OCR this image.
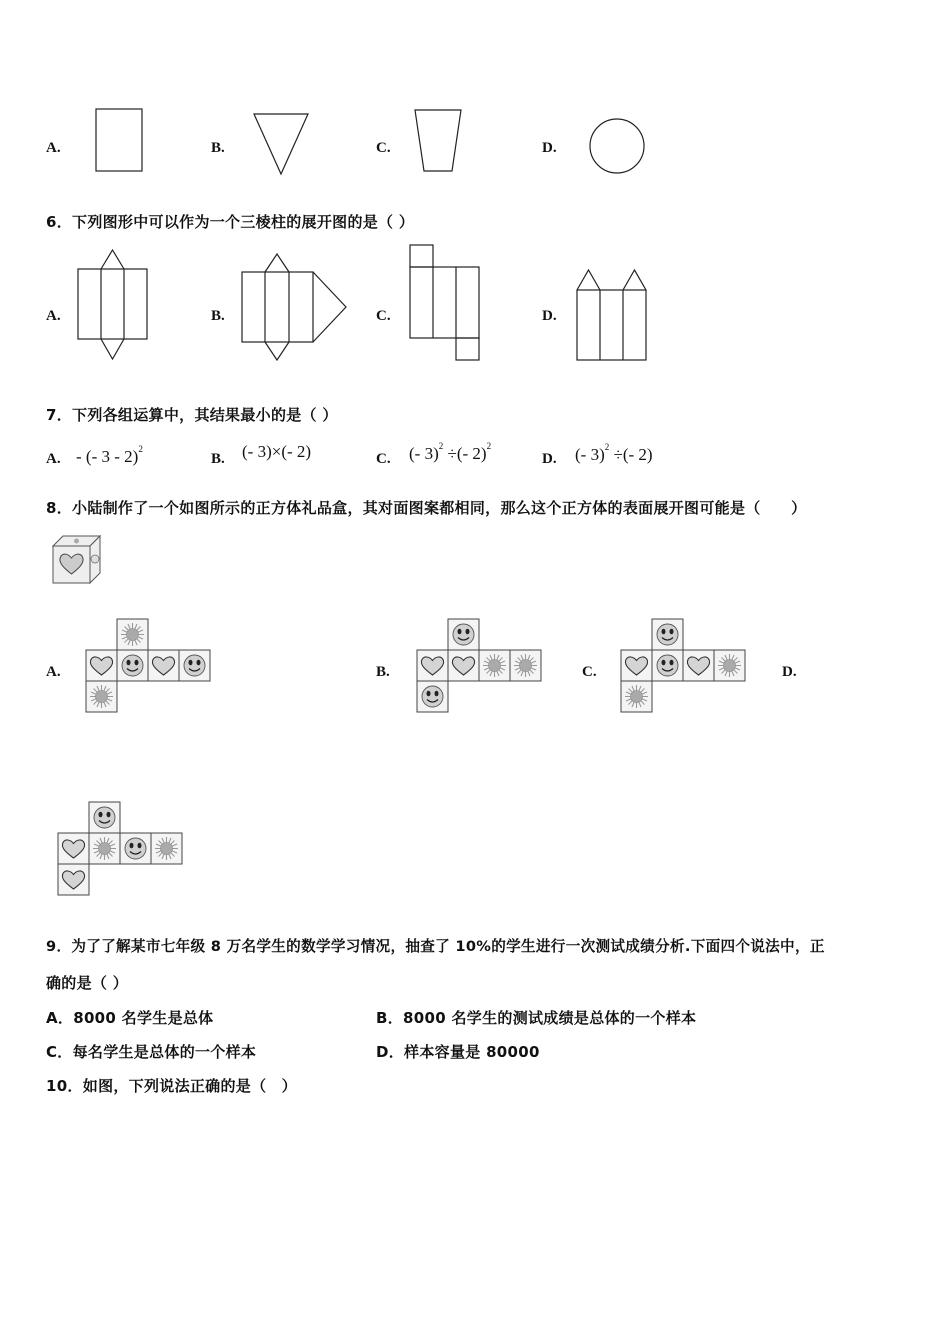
A.	B.	C.	D.
6．下列图形中可以作为一个三棱柱的展开图的是（ ）
A.	B.	C.	D.
7．下列各组运算中，其结果最小的是（ ）
A. - (- 3 - 2)$^2$
B. (- 3)×(- 2)	C. (- 3)$^2$ ÷(- 2)$^2$
D. (- 3)$^2$ ÷(- 2)
8．小陆制作了一个如图所示的正方体礼品盒，其对面图案都相同，那么这个正方体的表面展开图可能是（　　）
A.	B.	C.	D.
9．为了了解某市七年级 8 万名学生的数学学习情况，抽查了 10%的学生进行一次测试成绩分析.下面四个说法中，正
确的是（ ）
A．8000 名学生是总体	B．8000 名学生的测试成绩是总体的一个样本
C．每名学生是总体的一个样本	D．样本容量是 80000
10．如图，下列说法正确的是（　）
